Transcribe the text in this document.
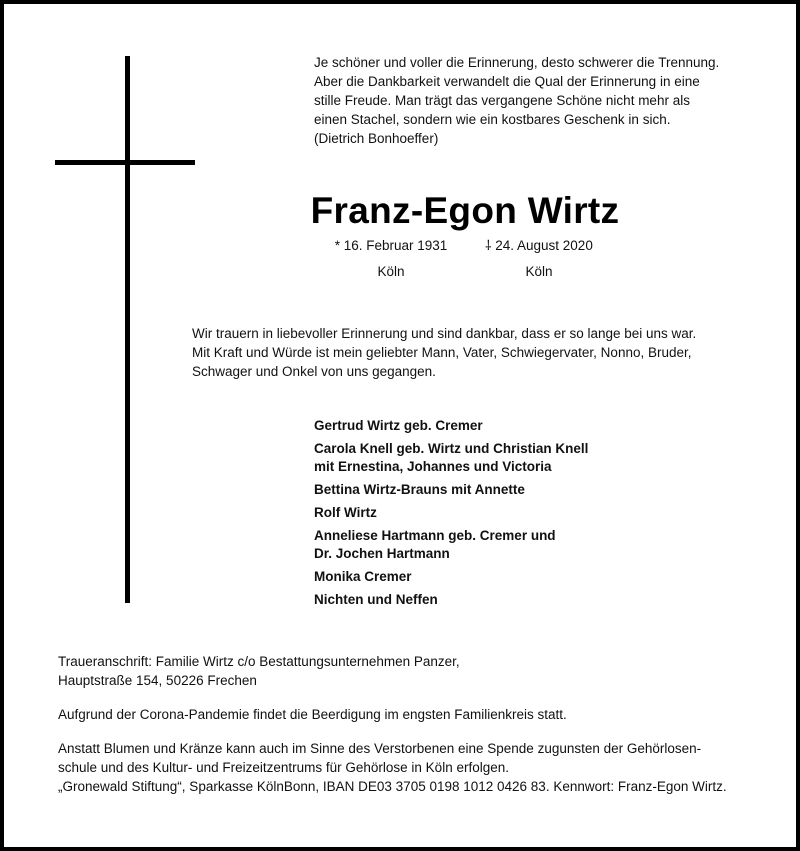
Je schöner und voller die Erinnerung, desto schwerer die Trennung.
Aber die Dankbarkeit verwandelt die Qual der Erinnerung in eine
stille Freude. Man trägt das vergangene Schöne nicht mehr als
einen Stachel, sondern wie ein kostbares Geschenk in sich.
(Dietrich Bonhoeffer)
Franz-Egon Wirtz
* 16. Februar 1931
Köln
⸸ 24. August 2020
Köln
Wir trauern in liebevoller Erinnerung und sind dankbar, dass er so lange bei uns war.
Mit Kraft und Würde ist mein geliebter Mann, Vater, Schwiegervater, Nonno, Bruder,
Schwager und Onkel von uns gegangen.
Gertrud Wirtz geb. Cremer
Carola Knell geb. Wirtz und Christian Knell
mit Ernestina, Johannes und Victoria
Bettina Wirtz-Brauns mit Annette
Rolf Wirtz
Anneliese Hartmann geb. Cremer und
Dr. Jochen Hartmann
Monika Cremer
Nichten und Neffen
Traueranschrift: Familie Wirtz c/o Bestattungsunternehmen Panzer,
Hauptstraße 154, 50226 Frechen
Aufgrund der Corona-Pandemie findet die Beerdigung im engsten Familienkreis statt.
Anstatt Blumen und Kränze kann auch im Sinne des Verstorbenen eine Spende zugunsten der Gehörlosen-
schule und des Kultur- und Freizeitzentrums für Gehörlose in Köln erfolgen.
„Gronewald Stiftung“, Sparkasse KölnBonn, IBAN DE03 3705 0198 1012 0426 83. Kennwort: Franz-Egon Wirtz.
